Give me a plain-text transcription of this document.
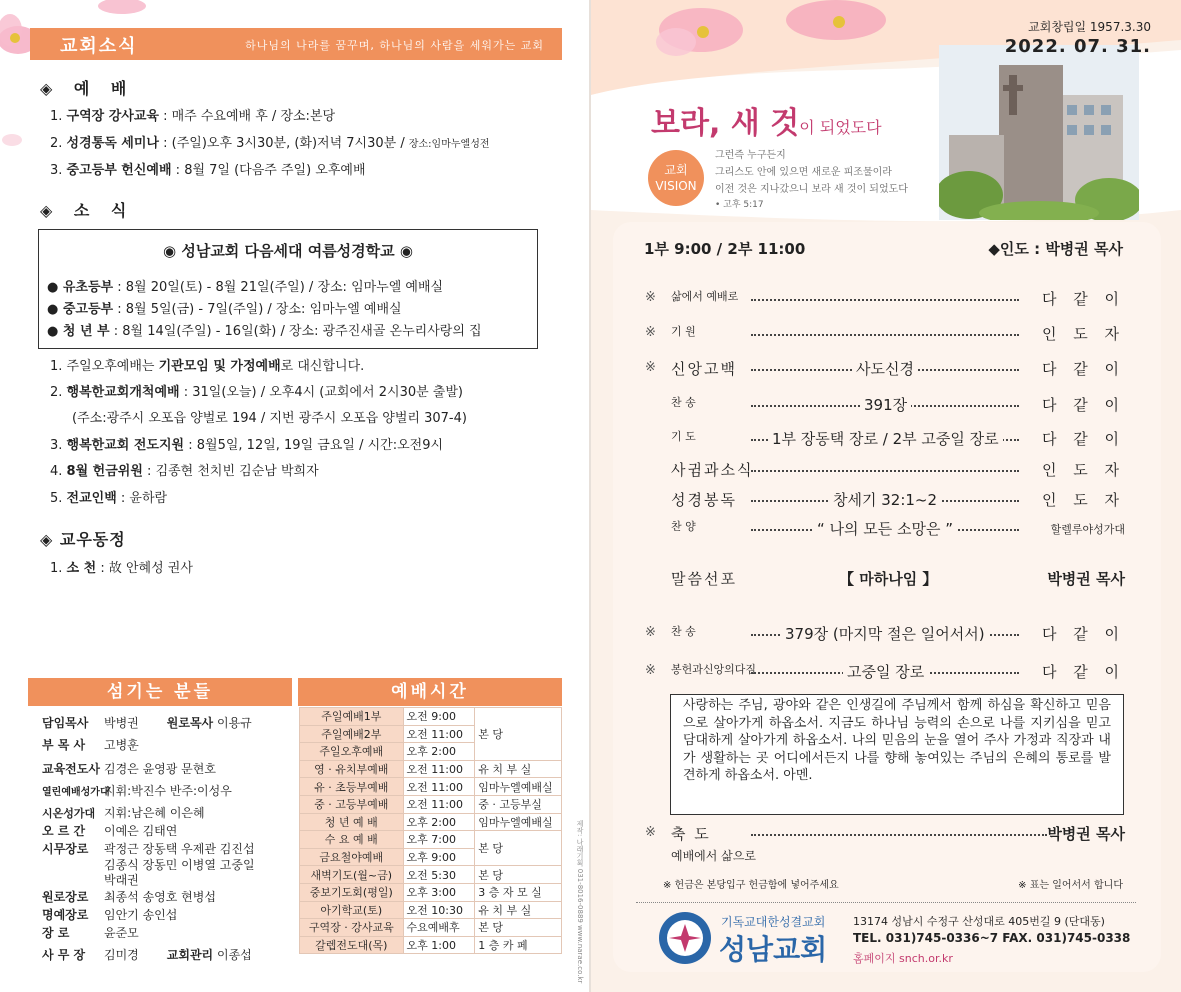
교회소식	하나님의 나라를 꿈꾸며, 하나님의 사람을 세워가는 교회
◈ 예 배
1. 구역장 강사교육 : 매주 수요예배 후 / 장소:본당
2. 성경통독 세미나 : (주일)오후 3시30분, (화)저녁 7시30분 / 장소:임마누엘성전
3. 중고등부 헌신예배 : 8월 7일 (다음주 주일) 오후예배
◈ 소 식
◉ 성남교회 다음세대 여름성경학교 ◉
● 유초등부 : 8월 20일(토) - 8월 21일(주일) / 장소: 임마누엘 예배실
● 중고등부 : 8월 5일(금) - 7일(주일) / 장소: 임마누엘 예배실
● 청 년 부 : 8월 14일(주일) - 16일(화) / 장소: 광주진새골 온누리사랑의 집
1. 주일오후예배는 기관모임 및 가정예배로 대신합니다.
2. 행복한교회개척예배 : 31일(오늘) / 오후4시 (교회에서 2시30분 출발)
(주소:광주시 오포읍 양벌로 194 / 지번 광주시 오포읍 양벌리 307-4)
3. 행복한교회 전도지원 : 8월5일, 12일, 19일 금요일 / 시간:오전9시
4. 8월 헌금위원 : 김종현 천치빈 김순남 박희자
5. 전교인백 : 윤하람
◈ 교우동정
1. 소 천 : 故 안혜성 권사
섬기는 분들
담임목사 박병권 원로목사 이용규
부 목 사 고병훈
교육전도사 김경은 윤영광 문현호
열린예배성가대지휘:박진수 반주:이성우
시온성가대 지휘:남은혜 이은혜
오 르 간 이예은 김태연
시무장로 곽정근 장동택 우제관 김진섭
김종식 장동민 이병열 고중일
박래권
원로장로 최종석 송영호 현병섭
명예장로 임안기 송인섭
장 로	윤준모
사 무 장 김미경 교회관리 이종섭
예배시간
주일예배1부	오전 9:00	본 당
주일예배2부	오전 11:00	
주일오후예배	오후 2:00	
영 · 유치부예배	오전 11:00	유 치 부 실
유 · 초등부예배	오전 11:00	임마누엘예배실
중 · 고등부예배	오전 11:00	중 · 고등부실
청 년 예 배	오후 2:00	임마누엘예배실
수 요 예 배	오후 7:00	본 당
금요철야예배	오후 9:00	
새벽기도(월~금)	오전 5:30	본 당
중보기도회(평일)	오후 3:00	3 층 자 모 실
아기학교(토)	오전 10:30	유 치 부 실
구역장 · 강사교육	수요예배후	본 당
갈렙전도대(목)	오후 1:00	1 층 카 페	제작: 나래기획 031-8016-0889 www.narae.co.kr
교회창립일 1957.3.30
2022. 07. 31.
보라, 새 것이 되었도다
교회
VISION
그런즉 누구든지
그리스도 안에 있으면 새로운 피조물이라
이전 것은 지나갔으니 보라 새 것이 되었도다
• 고후 5:17
1부 9:00 / 2부 11:00	◆인도 : 박병권 목사
※ 삶에서 예배로	다 같 이
※ 기 원	인 도 자
※ 신앙고백	사도신경	다 같 이
찬 송	391장	다 같 이
기 도	1부 장동택 장로 / 2부 고중일 장로	다 같 이
사귐과소식	인 도 자
성경봉독	창세기 32:1~2	인 도 자
찬 양	“ 나의 모든 소망은 ”	할렐루야성가대
말씀선포	【 마하나임 】	박병권 목사
※ 찬 송	379장 (마지막 절은 일어서서)	다 같 이
※ 봉헌과신앙의다짐	고중일 장로	다 같 이
※ 축 도	박병권 목사
예배에서 삶으로
※ 헌금은 본당입구 헌금함에 넣어주세요	※ 표는 일어서서 합니다
기독교대한성결교회
성남교회
13174 성남시 수정구 산성대로 405번길 9 (단대동)
TEL. 031)745-0336~7 FAX. 031)745-0338
홈페이지 snch.or.kr
사랑하는 주님, 광야와 같은 인생길에 주님께서 함께 하심을 확신하고 믿음으로 살아가게 하옵소서. 지금도 하나님 능력의 손으로 나를 지키심을 믿고 담대하게 살아가게 하옵소서. 나의 믿음의 눈을 열어 주사 가정과 직장과 내가 생활하는 곳 어디에서든지 나를 향해 놓여있는 주님의 은혜의 통로를 발견하게 하옵소서. 아멘.
